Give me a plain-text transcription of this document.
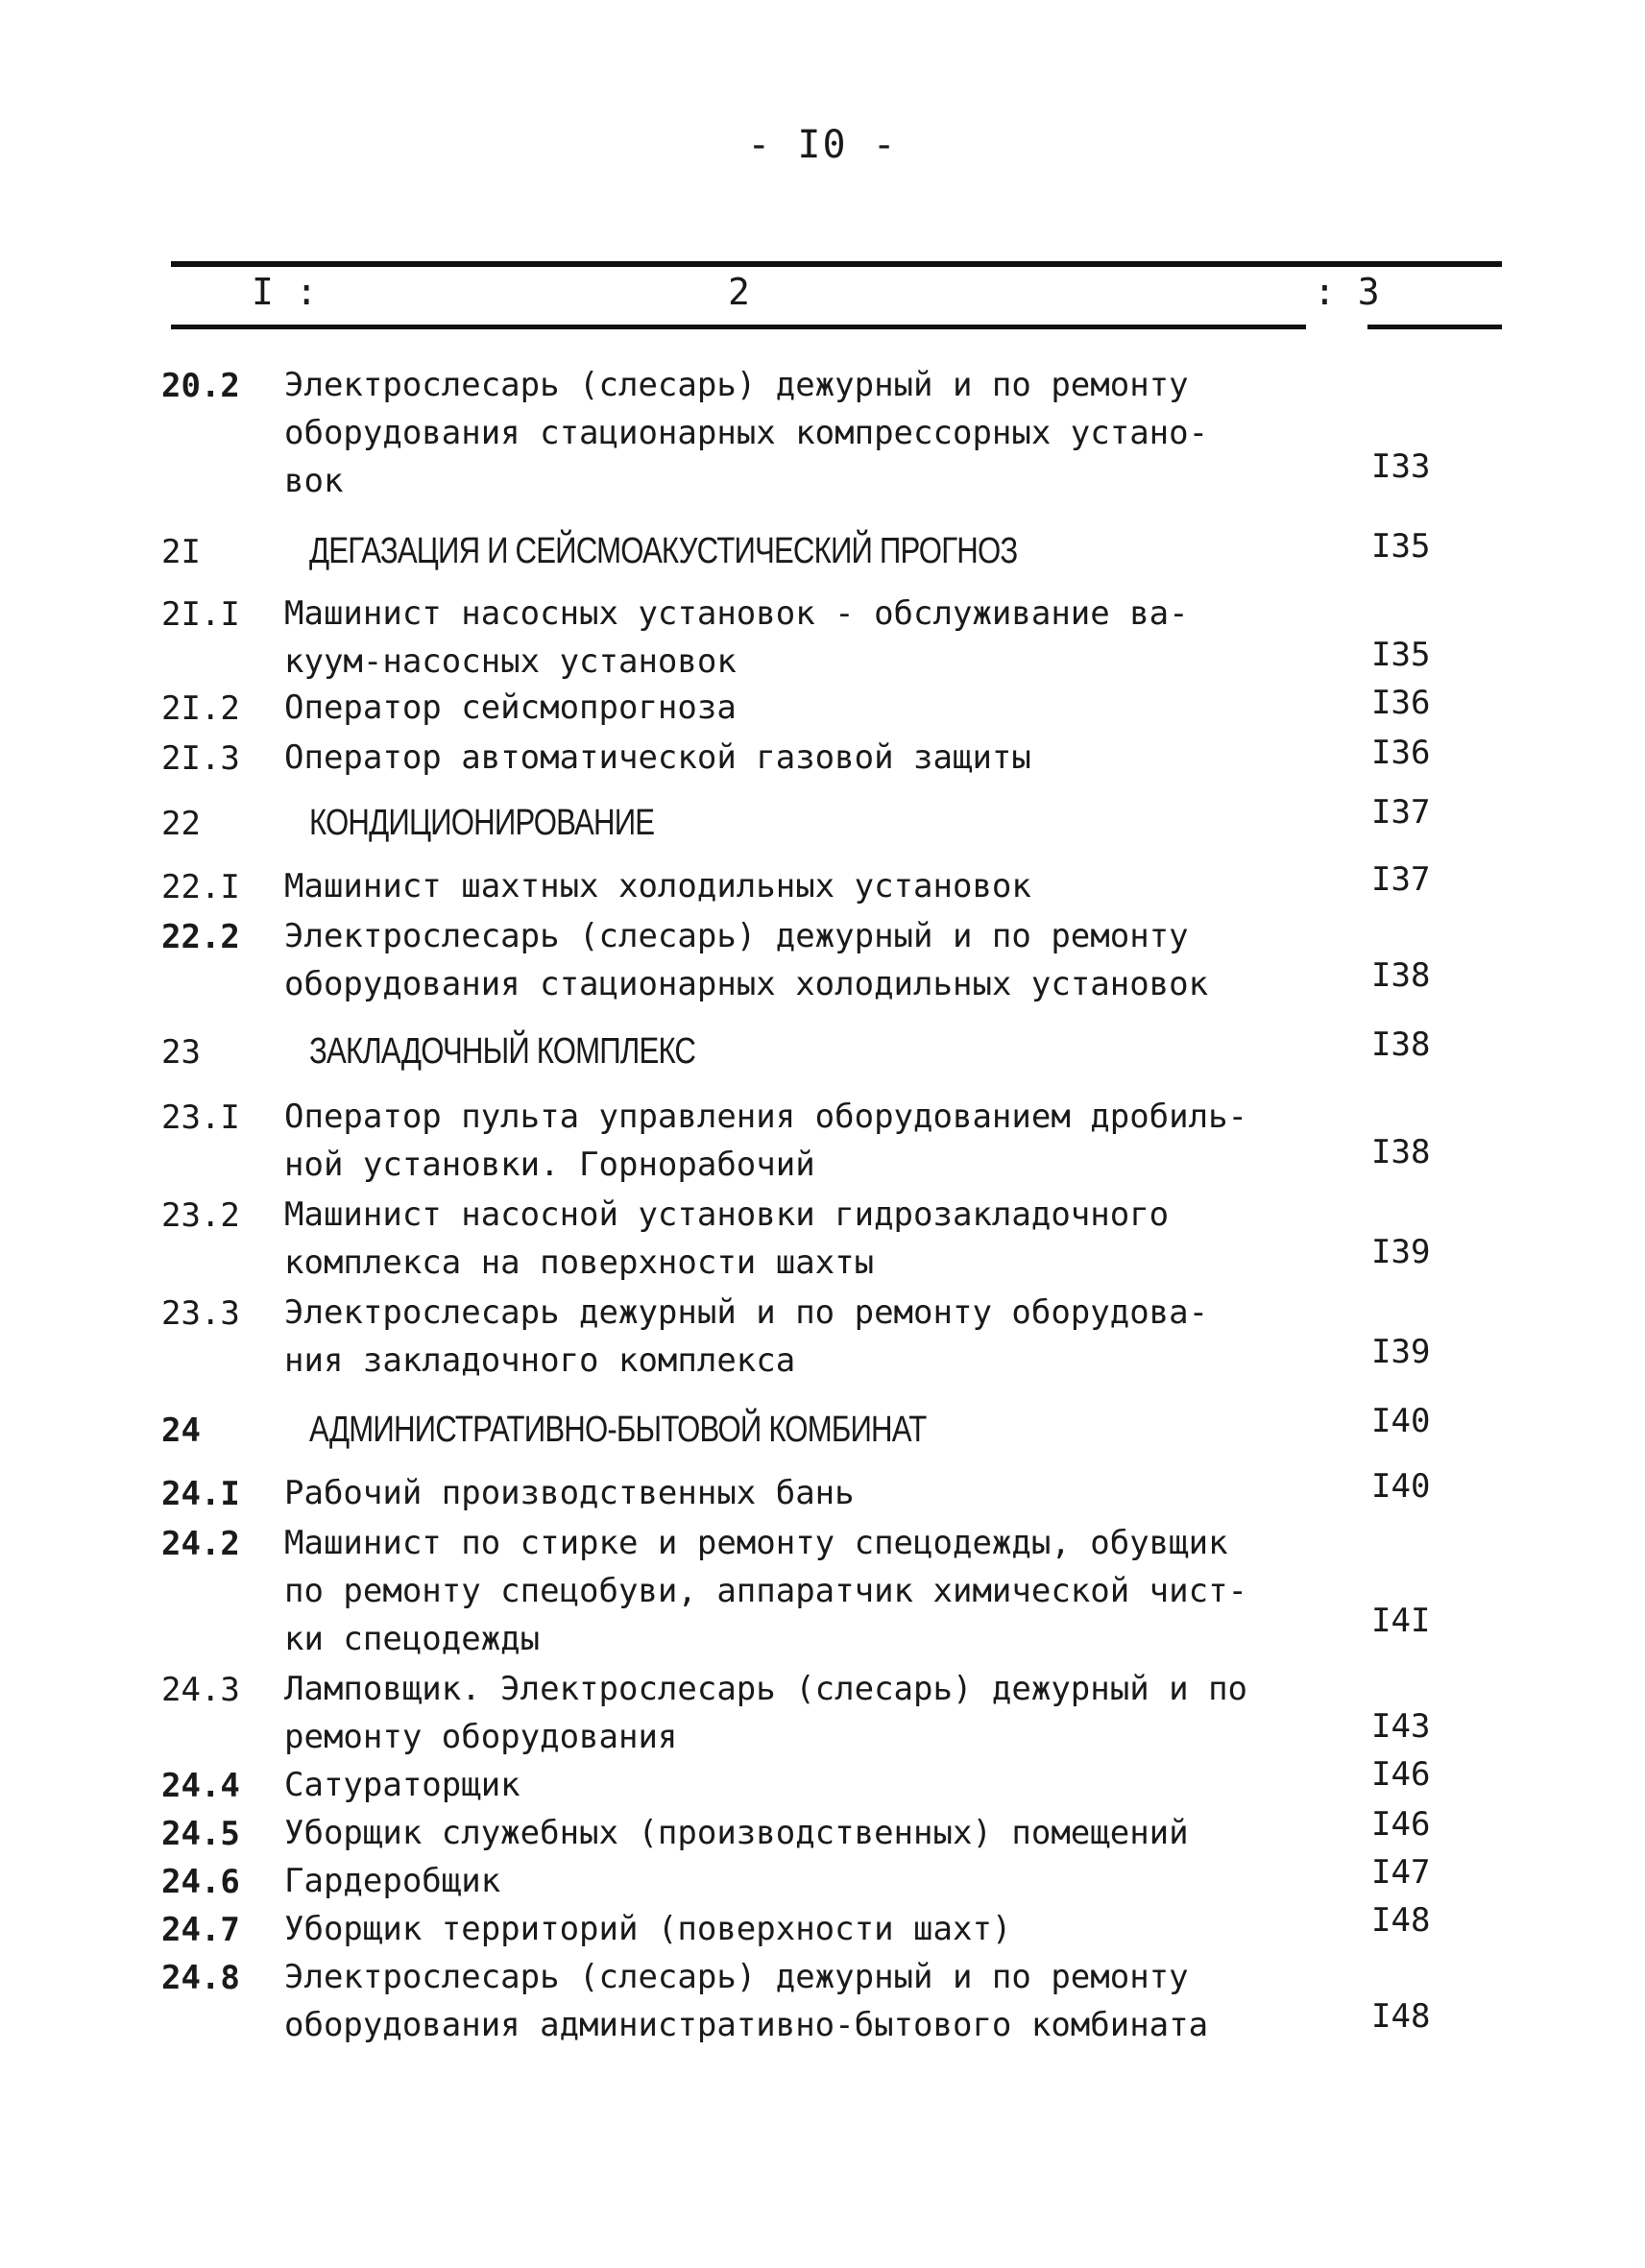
- I0 -
I :	2	: 3
20.2 Электрослесарь (слесарь) дежурный и по ремонту
оборудования стационарных компрессорных устано-
вок	I33
2I	ДЕГАЗАЦИЯ И СЕЙСМОАКУСТИЧЕСКИЙ ПРОГНОЗ	I35
2I.I Машинист насосных установок - обслуживание ва-
куум-насосных установок	I35
2I.2 Оператор сейсмопрогноза	I36
2I.3 Оператор автоматической газовой защиты	I36
22	КОНДИЦИОНИРОВАНИЕ	I37
22.I Машинист шахтных холодильных установок	I37
22.2 Электрослесарь (слесарь) дежурный и по ремонту
оборудования стационарных холодильных установок	I38
23	ЗАКЛАДОЧНЫЙ КОМПЛЕКС	I38
23.I Оператор пульта управления оборудованием дробиль-
ной установки. Горнорабочий	I38
23.2 Машинист насосной установки гидрозакладочного
комплекса на поверхности шахты	I39
23.3 Электрослесарь дежурный и по ремонту оборудова-
ния закладочного комплекса	I39
24	АДМИНИСТРАТИВНО-БЫТОВОЙ КОМБИНАТ	I40
24.I Рабочий производственных бань	I40
24.2 Машинист по стирке и ремонту спецодежды, обувщик
по ремонту спецобуви, аппаратчик химической чист-
ки спецодежды	I4I
24.3 Ламповщик. Электрослесарь (слесарь) дежурный и по
ремонту оборудования	I43
24.4 Сатураторщик	I46
24.5 Уборщик служебных (производственных) помещений	I46
24.6 Гардеробщик	I47
24.7 Уборщик территорий (поверхности шахт)	I48
24.8 Электрослесарь (слесарь) дежурный и по ремонту
оборудования административно-бытового комбината	I48
